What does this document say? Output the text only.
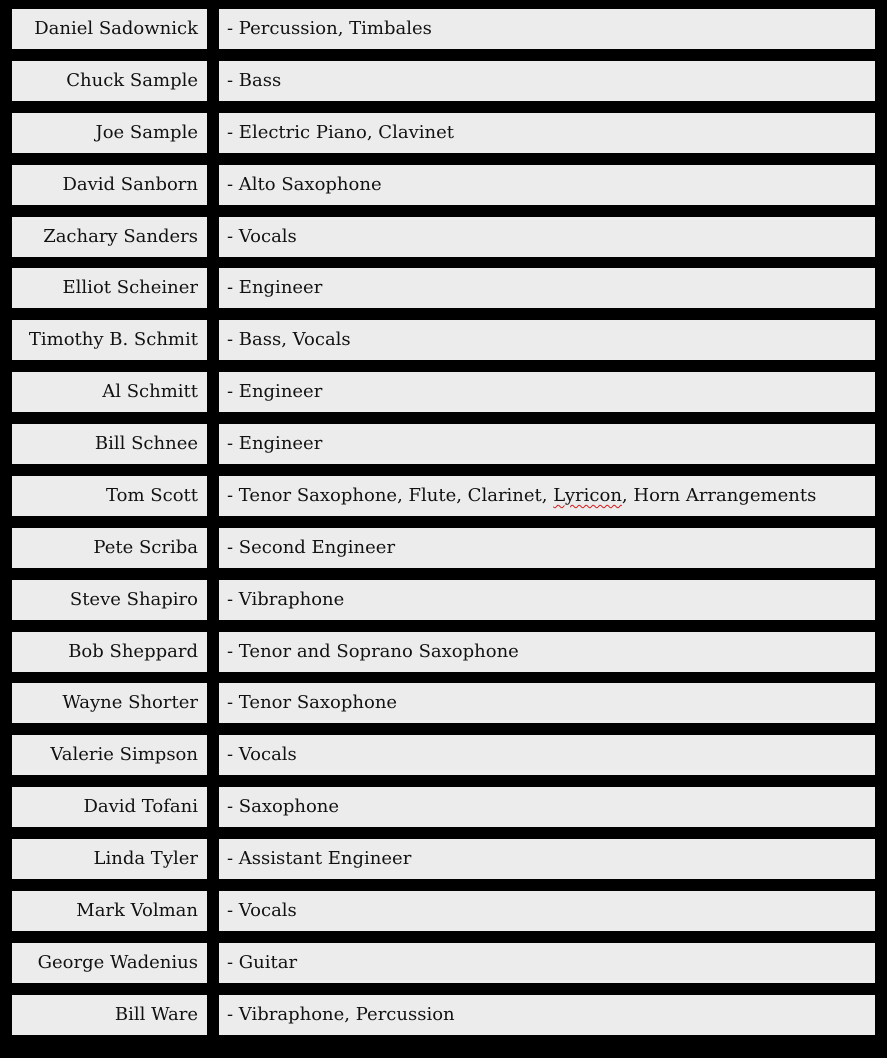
Daniel Sadownick	- Percussion, Timbales
Chuck Sample	- Bass
Joe Sample	- Electric Piano, Clavinet
David Sanborn	- Alto Saxophone
Zachary Sanders	- Vocals
Elliot Scheiner	- Engineer
Timothy B. Schmit	- Bass, Vocals
Al Schmitt	- Engineer
Bill Schnee	- Engineer
Tom Scott	- Tenor Saxophone, Flute, Clarinet, Lyricon, Horn Arrangements
Pete Scriba	- Second Engineer
Steve Shapiro	- Vibraphone
Bob Sheppard	- Tenor and Soprano Saxophone
Wayne Shorter	- Tenor Saxophone
Valerie Simpson	- Vocals
David Tofani	- Saxophone
Linda Tyler	- Assistant Engineer
Mark Volman	- Vocals
George Wadenius	- Guitar
Bill Ware	- Vibraphone, Percussion
